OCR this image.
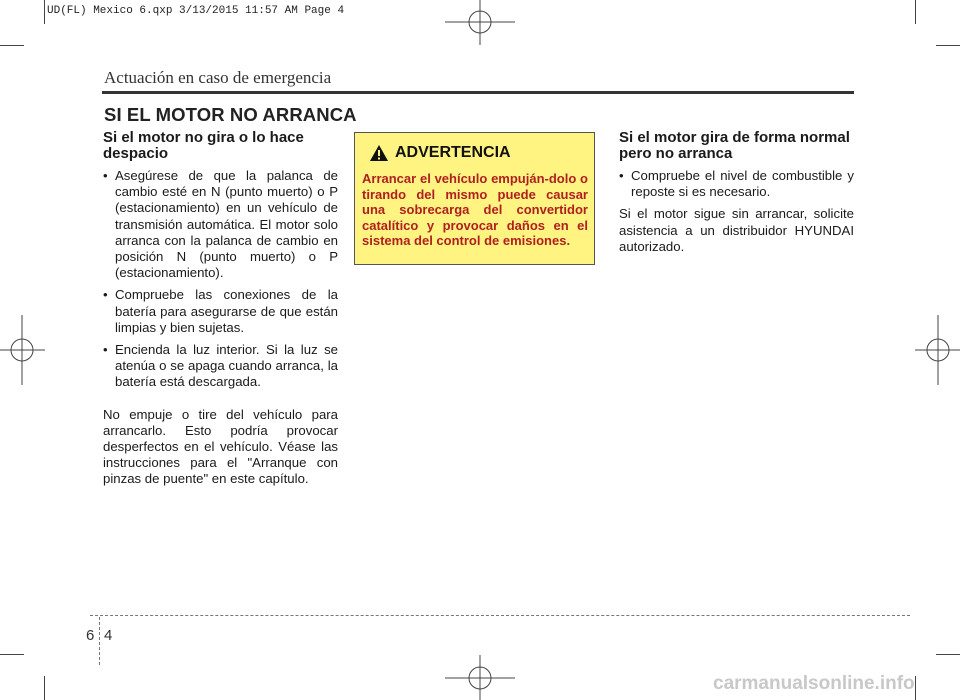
UD(FL) Mexico 6.qxp 3/13/2015 11:57 AM Page 4
Actuación en caso de emergencia
SI EL MOTOR NO ARRANCA
Si el motor no gira o lo hace despacio
• Asegúrese de que la palanca de cambio esté en N (punto muerto) o P (estacionamiento) en un vehículo de transmisión automática. El motor solo arranca con la palanca de cambio en posición N (punto muerto) o P (estacionamiento).
• Compruebe las conexiones de la batería para asegurarse de que están limpias y bien sujetas.
• Encienda la luz interior. Si la luz se atenúa o se apaga cuando arranca, la batería está descargada.
No empuje o tire del vehículo para arrancarlo. Esto podría provocar desperfectos en el vehículo. Véase las instrucciones para el "Arranque con pinzas de puente" en este capítulo.
ADVERTENCIA
Arrancar el vehículo empuján-dolo o tirando del mismo puede causar una sobrecarga del convertidor catalítico y provocar daños en el sistema del control de emisiones.
Si el motor gira de forma normal pero no arranca
• Compruebe el nivel de combustible y reposte si es necesario.
Si el motor sigue sin arrancar, solicite asistencia a un distribuidor HYUNDAI autorizado.
6 4
carmanualsonline.info
